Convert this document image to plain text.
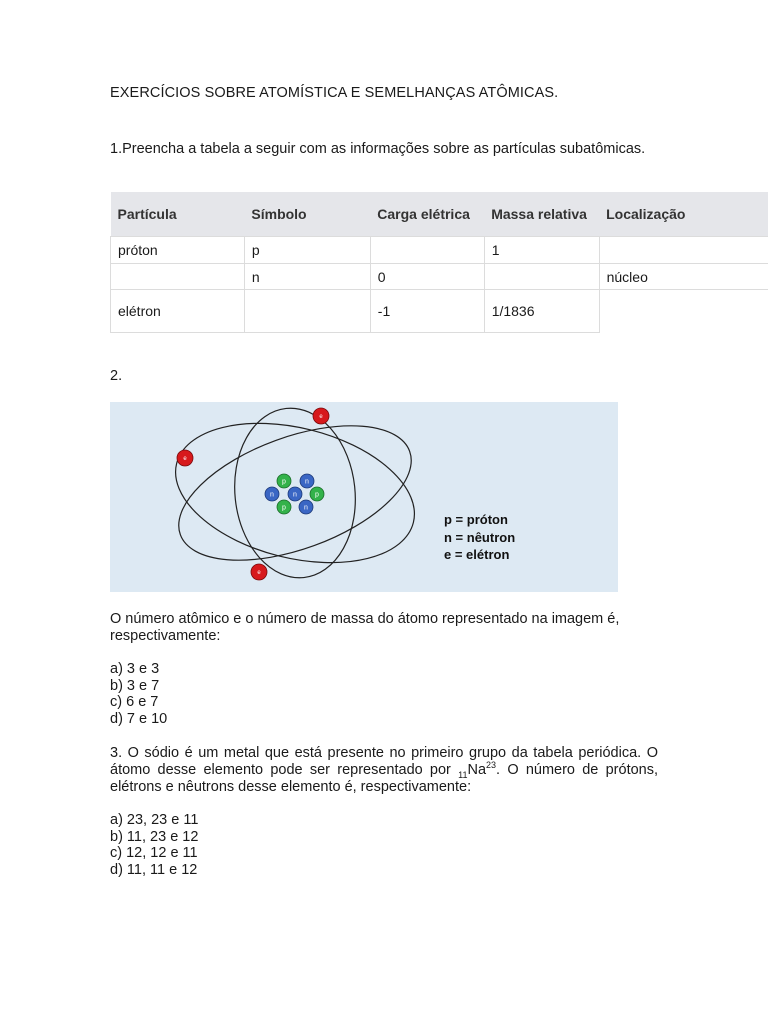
EXERCÍCIOS SOBRE ATOMÍSTICA E SEMELHANÇAS ATÔMICAS.
1.Preencha a tabela a seguir com as informações sobre as partículas subatômicas.
Partícula	Símbolo	Carga elétrica	Massa relativa	Localização
próton	p		1	
	n	0		núcleo
elétron		-1	1/1836	
2.
p	n
n	n	p
p	n
e
e
e
p = próton
n = nêutron
e = elétron
O número atômico e o número de massa do átomo representado na imagem é, respectivamente:
a) 3 e 3
b) 3 e 7
c) 6 e 7
d) 7 e 10
3. O sódio é um metal que está presente no primeiro grupo da tabela periódica. O átomo desse elemento pode ser representado por $_{11}Na^{23}$. O número de prótons, elétrons e nêutrons desse elemento é, respectivamente:
a) 23, 23 e 11
b) 11, 23 e 12
c) 12, 12 e 11
d) 11, 11 e 12
